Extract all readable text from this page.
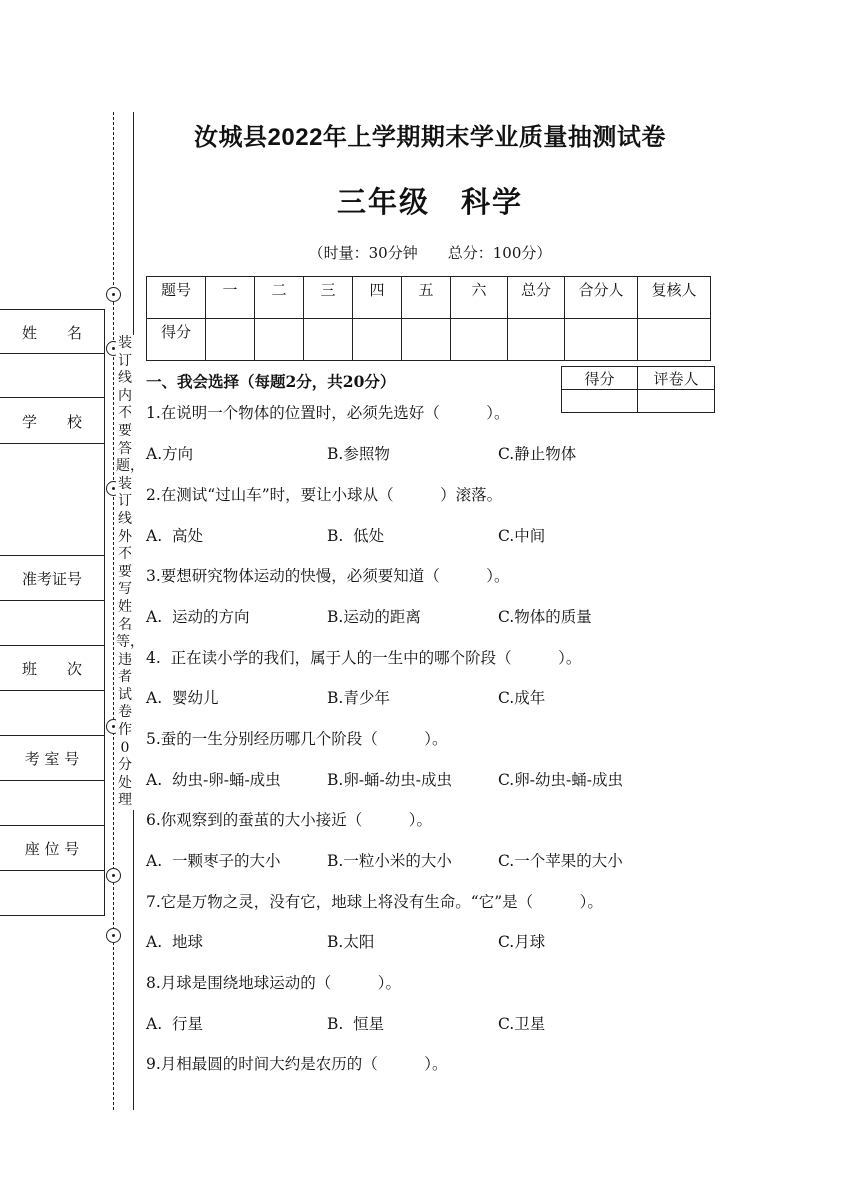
装订线内不要答题，装订线外不要写姓名等，违者试卷作0分处理
姓　　名
学　　校
准考证号
班　　次
考 室 号
座 位 号
汝城县2022年上学期期末学业质量抽测试卷
三年级　科学
（时量：30分钟　　总分：100分）
题号	一	二	三	四	五	六	总分	合分人	复核人
得分									
一、我会选择（每题2分，共20分）	得分	评卷人

1.在说明一个物体的位置时，必须先选好（　　　）。
A.方向	B.参照物	C.静止物体
2.在测试“过山车”时，要让小球从（　　　）滚落。
A.  高处	B.  低处	C.中间
3.要想研究物体运动的快慢，必须要知道（　　　）。
A.  运动的方向	B.运动的距离	C.物体的质量
4.  正在读小学的我们，属于人的一生中的哪个阶段（　　　）。
A.  婴幼儿	B.青少年	C.成年
5.蚕的一生分别经历哪几个阶段（　　　）。
A.  幼虫-卵-蛹-成虫	B.卵-蛹-幼虫-成虫	C.卵-幼虫-蛹-成虫
6.你观察到的蚕茧的大小接近（　　　）。
A.  一颗枣子的大小	B.一粒小米的大小	C.一个苹果的大小
7.它是万物之灵，没有它，地球上将没有生命。“它”是（　　　）。
A.  地球	B.太阳	C.月球
8.月球是围绕地球运动的（　　　）。
A.  行星	B.  恒星	C.卫星
9.月相最圆的时间大约是农历的（　　　）。
